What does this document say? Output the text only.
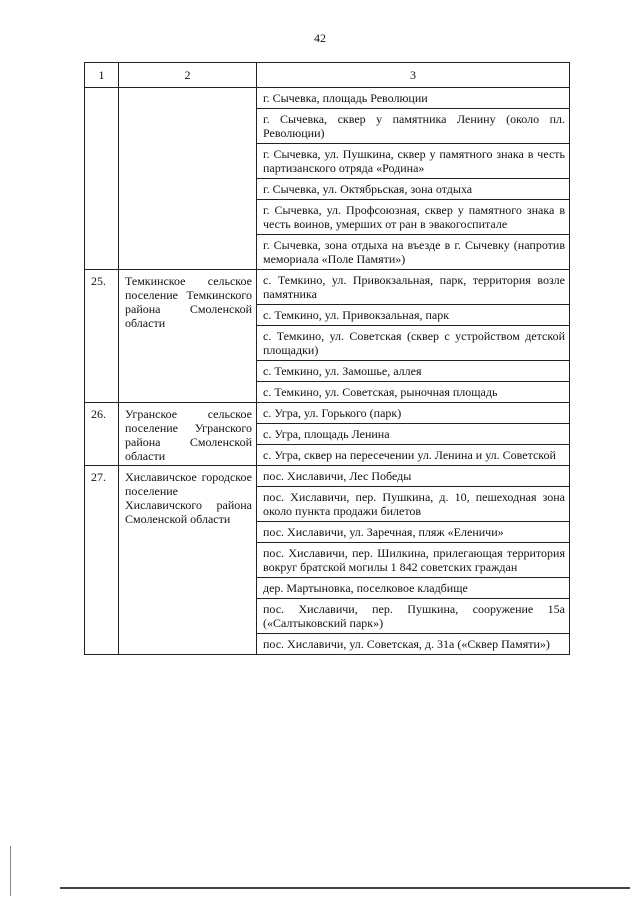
42
1	2	3

		г. Сычевка, площадь Революции

		г. Сычевка, сквер у памятника Ленину (около пл. Революции)

		г. Сычевка, ул. Пушкина, сквер у памятного знака в честь партизанского отряда «Родина»

		г. Сычевка, ул. Октябрьская, зона отдыха

		г. Сычевка, ул. Профсоюзная, сквер у памятного знака в честь воинов, умерших от ран в эвакогоспитале

		г. Сычевка, зона отдыха на въезде в г. Сычевку (напротив мемориала «Поле Памяти»)

25.	Темкинское сельское поселение Темкинского района Смоленской области	с. Темкино, ул. Привокзальная, парк, территория возле памятника

		с. Темкино, ул. Привокзальная, парк

		с. Темкино, ул. Советская (сквер с устройством детской площадки)

		с. Темкино, ул. Замошье, аллея

		с. Темкино, ул. Советская, рыночная площадь

26.	Угранское сельское поселение Угранского района Смоленской области	с. Угра, ул. Горького (парк)

		с. Угра, площадь Ленина

		с. Угра, сквер на пересечении ул. Ленина и ул. Советской

27.	Хиславичское городское поселение Хиславичского района Смоленской области	пос. Хиславичи, Лес Победы

		пос. Хиславичи, пер. Пушкина, д. 10, пешеходная зона около пункта продажи билетов

		пос. Хиславичи, ул. Заречная, пляж «Еленичи»

		пос. Хиславичи, пер. Шилкина, прилегающая территория вокруг братской могилы 1 842 советских граждан

		дер. Мартыновка, поселковое кладбище

		пос. Хиславичи, пер. Пушкина, сооружение 15а («Салтыковский парк»)

		пос. Хиславичи, ул. Советская, д. 31а («Сквер Памяти»)
